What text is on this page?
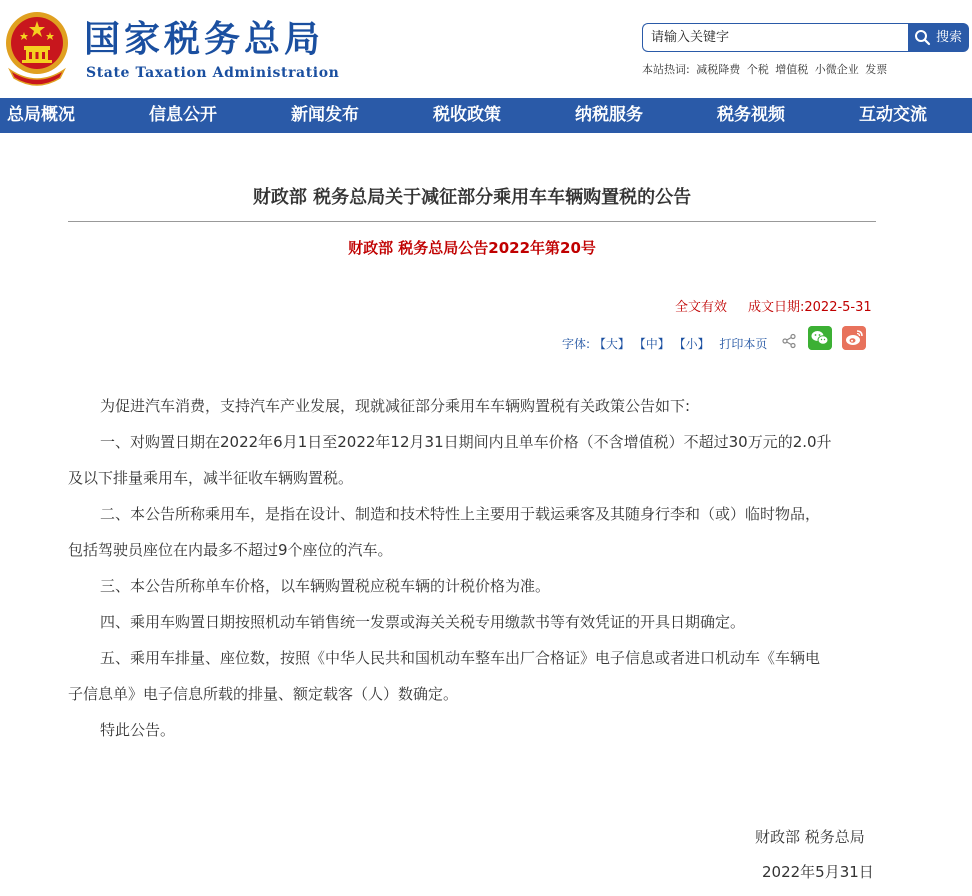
国家税务总局
State Taxation Administration
请输入关键字
搜索
本站热词: 减税降费 个税 增值税 小微企业 发票
总局概况	信息公开	新闻发布	税收政策	纳税服务	税务视频	互动交流
财政部 税务总局关于减征部分乘用车车辆购置税的公告
财政部 税务总局公告2022年第20号
全文有效 成文日期:2022-5-31
字体: 【大】 【中】 【小】 打印本页
为促进汽车消费，支持汽车产业发展，现就减征部分乘用车车辆购置税有关政策公告如下:
一、对购置日期在2022年6月1日至2022年12月31日期间内且单车价格（不含增值税）不超过30万元的2.0升
及以下排量乘用车，减半征收车辆购置税。
二、本公告所称乘用车，是指在设计、制造和技术特性上主要用于载运乘客及其随身行李和（或）临时物品，
包括驾驶员座位在内最多不超过9个座位的汽车。
三、本公告所称单车价格，以车辆购置税应税车辆的计税价格为准。
四、乘用车购置日期按照机动车销售统一发票或海关关税专用缴款书等有效凭证的开具日期确定。
五、乘用车排量、座位数，按照《中华人民共和国机动车整车出厂合格证》电子信息或者进口机动车《车辆电
子信息单》电子信息所载的排量、额定载客（人）数确定。
特此公告。
财政部 税务总局
2022年5月31日
